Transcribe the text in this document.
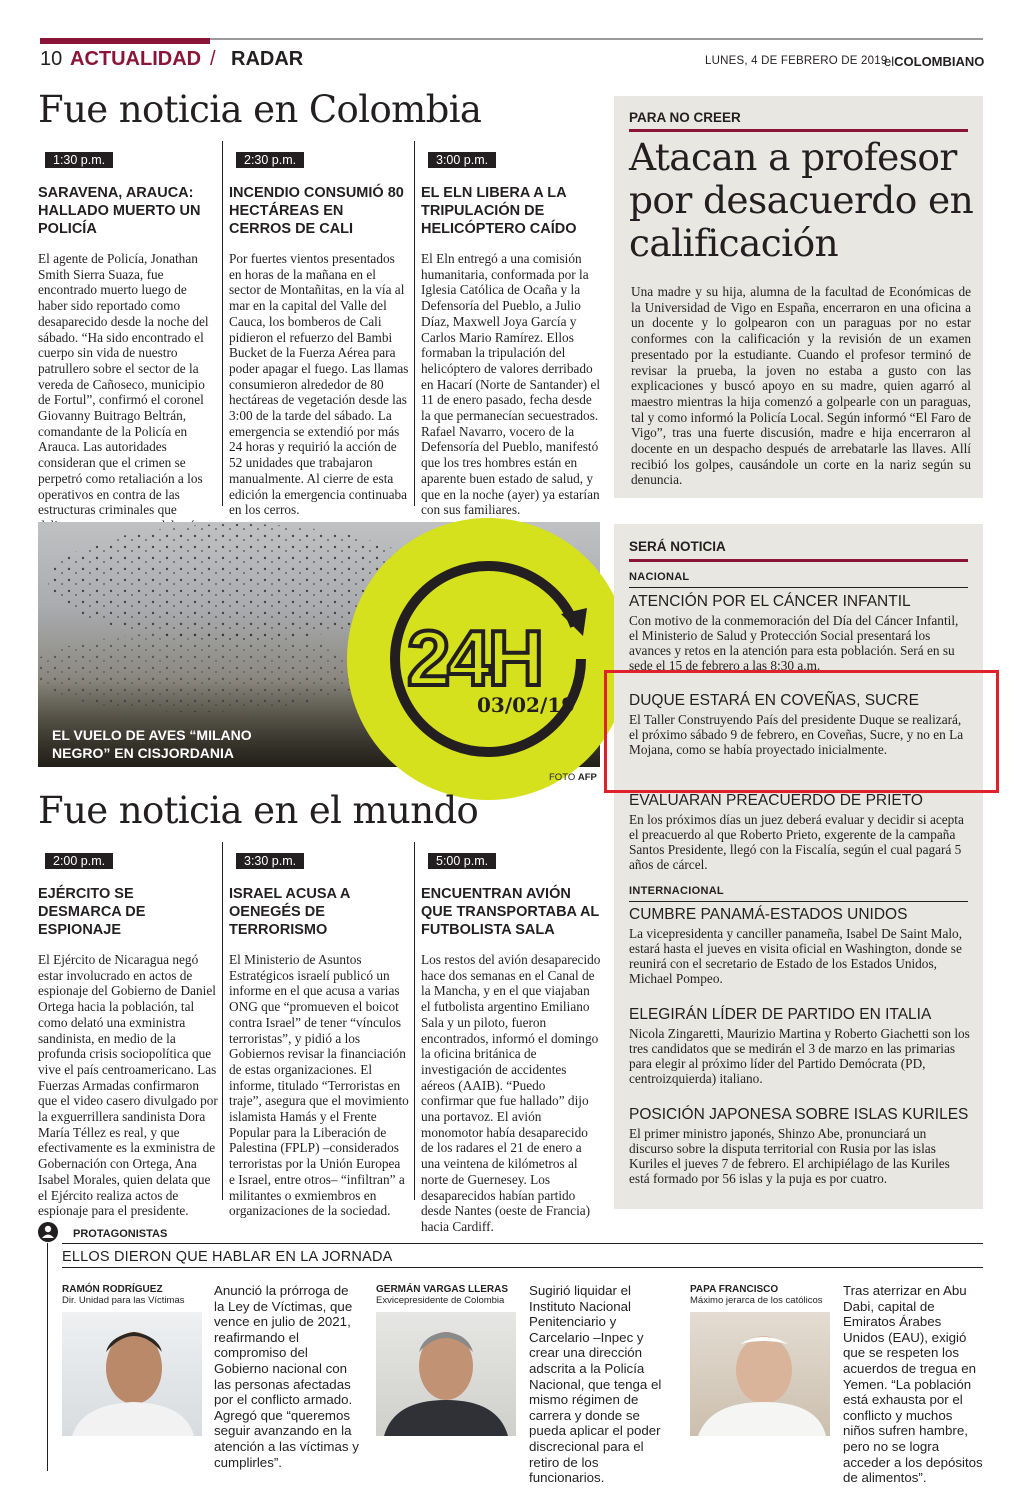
10 ACTUALIDAD / RADAR	LUNES, 4 DE FEBRERO DE 2019
elCOLOMBIANO
Fue noticia en Colombia
1:30 p.m.
SARAVENA, ARAUCA: HALLADO MUERTO UN POLICÍA
El agente de Policía, Jonathan Smith Sierra Suaza, fue encontrado muerto luego de haber sido reportado como desaparecido desde la noche del sábado. “Ha sido encontrado el cuerpo sin vida de nuestro patrullero sobre el sector de la vereda de Cañoseco, municipio de Fortul”, confirmó el coronel Giovanny Buitrago Beltrán, comandante de la Policía en Arauca. Las autoridades consideran que el crimen se perpetró como retaliación a los operativos en contra de las estructuras criminales que
2:30 p.m.
INCENDIO CONSUMIÓ 80 HECTÁREAS EN CERROS DE CALI
Por fuertes vientos presentados en horas de la mañana en el sector de Montañitas, en la vía al mar en la capital del Valle del Cauca, los bomberos de Cali pidieron el refuerzo del Bambi Bucket de la Fuerza Aérea para poder apagar el fuego. Las llamas consumieron alrededor de 80 hectáreas de vegetación desde las 3:00 de la tarde del sábado. La emergencia se extendió por más 24 horas y requirió la acción de 52 unidades que trabajaron manualmente. Al cierre de esta edición la emergencia continuaba en los cerros.
3:00 p.m.
EL ELN LIBERA A LA TRIPULACIÓN DE HELICÓPTERO CAÍDO
El Eln entregó a una comisión humanitaria, conformada por la Iglesia Católica de Ocaña y la Defensoría del Pueblo, a Julio Díaz, Maxwell Joya García y Carlos Mario Ramírez. Ellos formaban la tripulación del helicóptero de valores derribado en Hacarí (Norte de Santander) el 11 de enero pasado, fecha desde la que permanecían secuestrados. Rafael Navarro, vocero de la Defensoría del Pueblo, manifestó que los tres hombres están en aparente buen estado de salud, y que en la noche (ayer) ya estarían con sus familiares.
PARA NO CREER
Atacan a profesor por desacuerdo en calificación
Una madre y su hija, alumna de la facultad de Económicas de la Universidad de Vigo en España, encerraron en una oficina a un docente y lo golpearon con un paraguas por no estar conformes con la calificación y la revisión de un examen presentado por la estudiante. Cuando el profesor terminó de revisar la prueba, la joven no estaba a gusto con las explicaciones y buscó apoyo en su madre, quien agarró al maestro mientras la hija comenzó a golpearle con un paraguas, tal y como informó la Policía Local. Según informó “El Faro de Vigo”, tras una fuerte discusión, madre e hija encerraron al docente en un despacho después de arrebatarle las llaves. Allí recibió los golpes, causándole un corte en la nariz según su denuncia.
EL VUELO DE AVES “MILANO NEGRO” EN CISJORDANIA
24H
03/02/19
FOTO AFP
SERÁ NOTICIA
NACIONAL
ATENCIÓN POR EL CÁNCER INFANTIL
Con motivo de la conmemoración del Día del Cáncer Infantil, el Ministerio de Salud y Protección Social presentará los avances y retos en la atención para esta población. Será en su sede el 15 de febrero a las 8:30 a.m.
DUQUE ESTARÁ EN COVEÑAS, SUCRE
El Taller Construyendo País del presidente Duque se realizará, el próximo sábado 9 de febrero, en Coveñas, Sucre, y no en La Mojana, como se había proyectado inicialmente.
EVALUARÁN PREACUERDO DE PRIETO
En los próximos días un juez deberá evaluar y decidir si acepta el preacuerdo al que Roberto Prieto, exgerente de la campaña Santos Presidente, llegó con la Fiscalía, según el cual pagará 5 años de cárcel.
INTERNACIONAL
CUMBRE PANAMÁ-ESTADOS UNIDOS
La vicepresidenta y canciller panameña, Isabel De Saint Malo, estará hasta el jueves en visita oficial en Washington, donde se reunirá con el secretario de Estado de los Estados Unidos, Michael Pompeo.
ELEGIRÁN LÍDER DE PARTIDO EN ITALIA
Nicola Zingaretti, Maurizio Martina y Roberto Giachetti son los tres candidatos que se medirán el 3 de marzo en las primarias para elegir al próximo líder del Partido Demócrata (PD, centroizquierda) italiano.
POSICIÓN JAPONESA SOBRE ISLAS KURILES
El primer ministro japonés, Shinzo Abe, pronunciará un discurso sobre la disputa territorial con Rusia por las islas Kuriles el jueves 7 de febrero. El archipiélago de las Kuriles está formado por 56 islas y la puja es por cuatro.
Fue noticia en el mundo
2:00 p.m.
EJÉRCITO SE DESMARCA DE ESPIONAJE
El Ejército de Nicaragua negó estar involucrado en actos de espionaje del Gobierno de Daniel Ortega hacia la población, tal como delató una exministra sandinista, en medio de la profunda crisis sociopolítica que vive el país centroamericano. Las Fuerzas Armadas confirmaron que el video casero divulgado por la exguerrillera sandinista Dora María Téllez es real, y que efectivamente es la exministra de Gobernación con Ortega, Ana Isabel Morales, quien delata que el Ejército realiza actos de espionaje para el presidente.
3:30 p.m.
ISRAEL ACUSA A OENEGÉS DE TERRORISMO
El Ministerio de Asuntos Estratégicos israelí publicó un informe en el que acusa a varias ONG que “promueven el boicot contra Israel” de tener “vínculos terroristas”, y pidió a los Gobiernos revisar la financiación de estas organizaciones. El informe, titulado “Terroristas en traje”, asegura que el movimiento islamista Hamás y el Frente Popular para la Liberación de Palestina (FPLP) –considerados terroristas por la Unión Europea e Israel, entre otros– “infiltran” a militantes o exmiembros en organizaciones de la sociedad.
5:00 p.m.
ENCUENTRAN AVIÓN QUE TRANSPORTABA AL FUTBOLISTA SALA
Los restos del avión desaparecido hace dos semanas en el Canal de la Mancha, y en el que viajaban el futbolista argentino Emiliano Sala y un piloto, fueron encontrados, informó el domingo la oficina británica de investigación de accidentes aéreos (AAIB). “Puedo confirmar que fue hallado” dijo una portavoz. El avión monomotor había desaparecido de los radares el 21 de enero a una veintena de kilómetros al norte de Guernesey. Los desaparecidos habían partido desde Nantes (oeste de Francia) hacia Cardiff.
PROTAGONISTAS
ELLOS DIERON QUE HABLAR EN LA JORNADA
RAMÓN RODRÍGUEZ
Dir. Unidad para las Víctimas
Anunció la prórroga de la Ley de Víctimas, que vence en julio de 2021, reafirmando el compromiso del Gobierno nacional con las personas afectadas por el conflicto armado. Agregó que “queremos seguir avanzando en la atención a las víctimas y cumplirles”.
GERMÁN VARGAS LLERAS
Exvicepresidente de Colombia
Sugirió liquidar el Instituto Nacional Penitenciario y Carcelario –Inpec y crear una dirección adscrita a la Policía Nacional, que tenga el mismo régimen de carrera y donde se pueda aplicar el poder discrecional para el retiro de los funcionarios.
PAPA FRANCISCO
Máximo jerarca de los católicos
Tras aterrizar en Abu Dabi, capital de Emiratos Árabes Unidos (EAU), exigió que se respeten los acuerdos de tregua en Yemen. “La población está exhausta por el conflicto y muchos niños sufren hambre, pero no se logra acceder a los depósitos de alimentos”.
